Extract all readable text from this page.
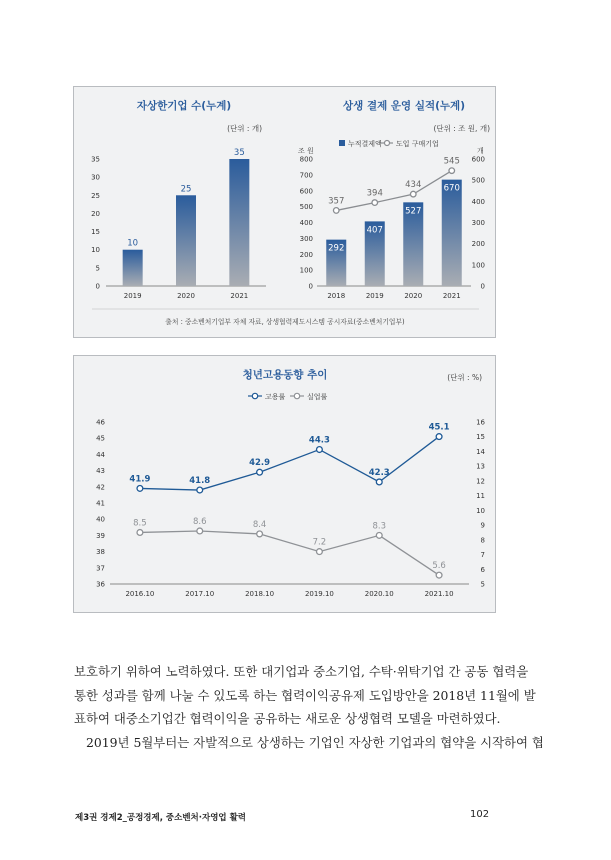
자상한기업 수(누계)
(단위 : 개)
0
5
10
15
20
25
30
35
10
2019
25
2020
35
2021
상생 결제 운영 실적(누계)
(단위 : 조 원, 개)
누적결제액 도입 구매기업
조 원	개
0
100
200
300
400
500
600
700
800
0
100
200
300
400
500
600
292
2018
407
2019
527
2020
670
2021
357
394
434
545
출처 : 중소벤처기업부 자체 자료, 상생협력제도시스템 공시자료(중소벤처기업부)
청년고용동향 추이	(단위 : %)
고용률	실업률
36
37
38
39
40
41
42
43
44
45
46
5
6
7
8
9
10
11
12
13
14
15
16
2016.10	2017.10	2018.10	2019.10	2020.10	2021.10
41.9	41.8
42.9
44.3
42.3
45.1
8.5	8.6	8.4
7.2
8.3
5.6

보호하기 위하여 노력하였다. 또한 대기업과 중소기업, 수탁·위탁기업 간 공동 협력을

통한 성과를 함께 나눌 수 있도록 하는 협력이익공유제 도입방안을 2018년 11월에 발

표하여 대중소기업간 협력이익을 공유하는 새로운 상생협력 모델을 마련하였다.

2019년 5월부터는 자발적으로 상생하는 기업인 자상한 기업과의 협약을 시작하여 협

제3권 경제2_공정경제, 중소벤처·자영업 활력	102
